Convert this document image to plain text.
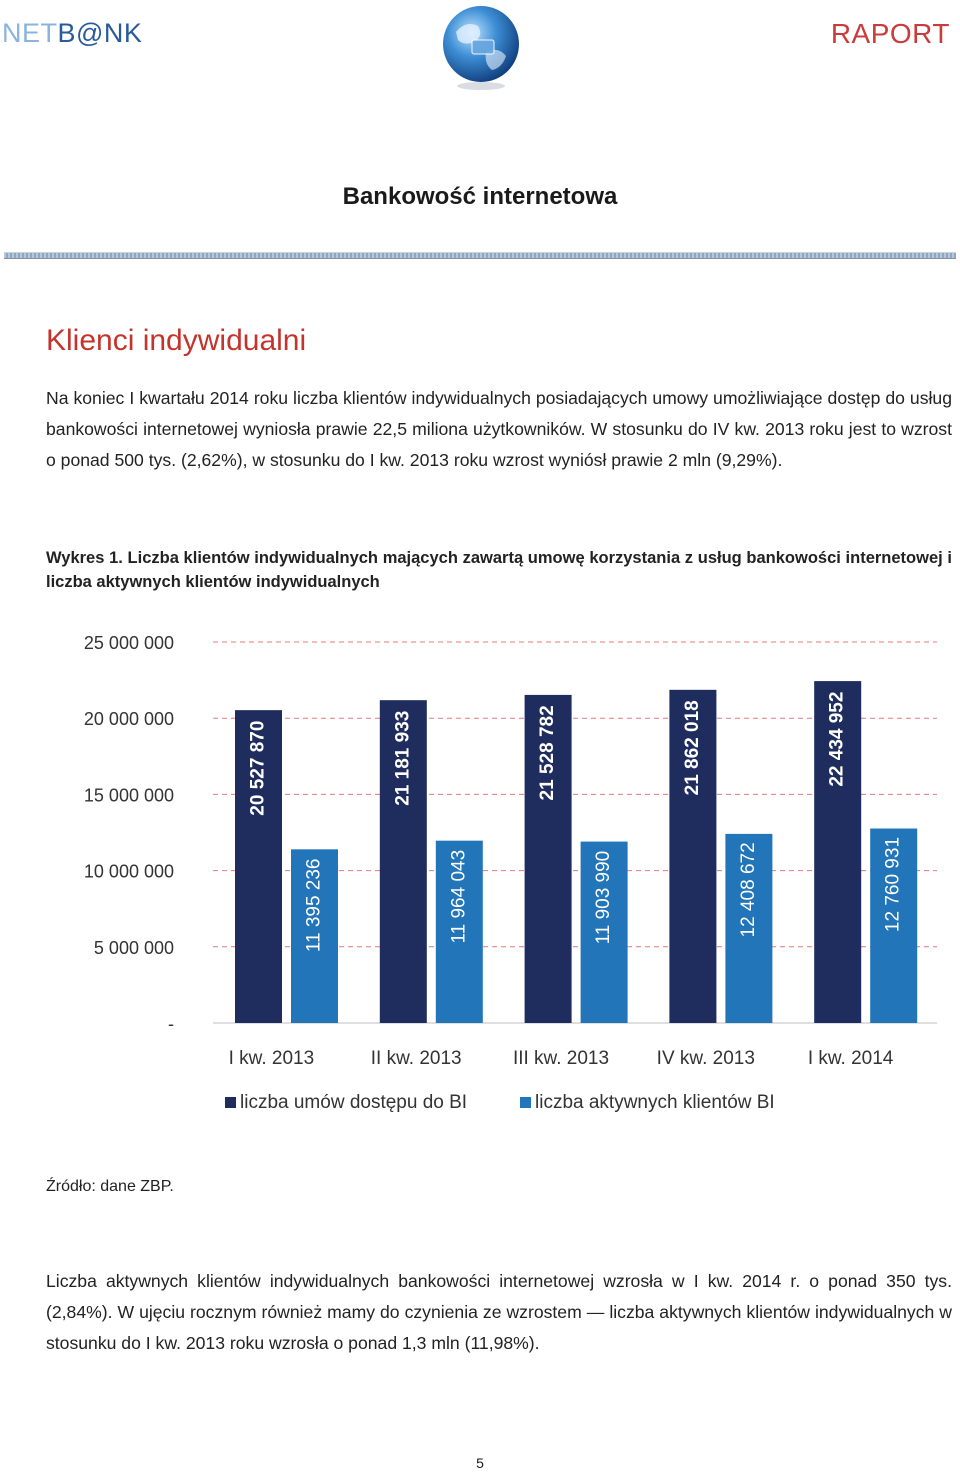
NETB@NK	RAPORT
Bankowość internetowa
Klienci indywidualni
Na koniec I kwartału 2014 roku liczba klientów indywidualnych posiadających umowy umożliwiające dostęp do usług bankowości internetowej wyniosła prawie 22,5 miliona użytkowników. W stosunku do IV kw. 2013 roku jest to wzrost o ponad 500 tys. (2,62%), w stosunku do I kw. 2013 roku wzrost wyniósł prawie 2 mln (9,29%).
Wykres 1. Liczba klientów indywidualnych mających zawartą umowę korzystania z usług bankowości internetowej i liczba aktywnych klientów indywidualnych
25 000 000
20 000 000
15 000 000
10 000 000
5 000 000
-
20 527 870
11 395 236
I kw. 2013
21 181 933
11 964 043
II kw. 2013
21 528 782
11 903 990
III kw. 2013
21 862 018
12 408 672
IV kw. 2013
22 434 952
12 760 931
I kw. 2014
liczba umów dostępu do BI	liczba aktywnych klientów BI
Źródło: dane ZBP.
Liczba aktywnych klientów indywidualnych bankowości internetowej wzrosła w I kw. 2014 r. o ponad 350 tys. (2,84%). W ujęciu rocznym również mamy do czynienia ze wzrostem — liczba aktywnych klientów indywidualnych w stosunku do I kw. 2013 roku wzrosła o ponad 1,3 mln (11,98%).
5
